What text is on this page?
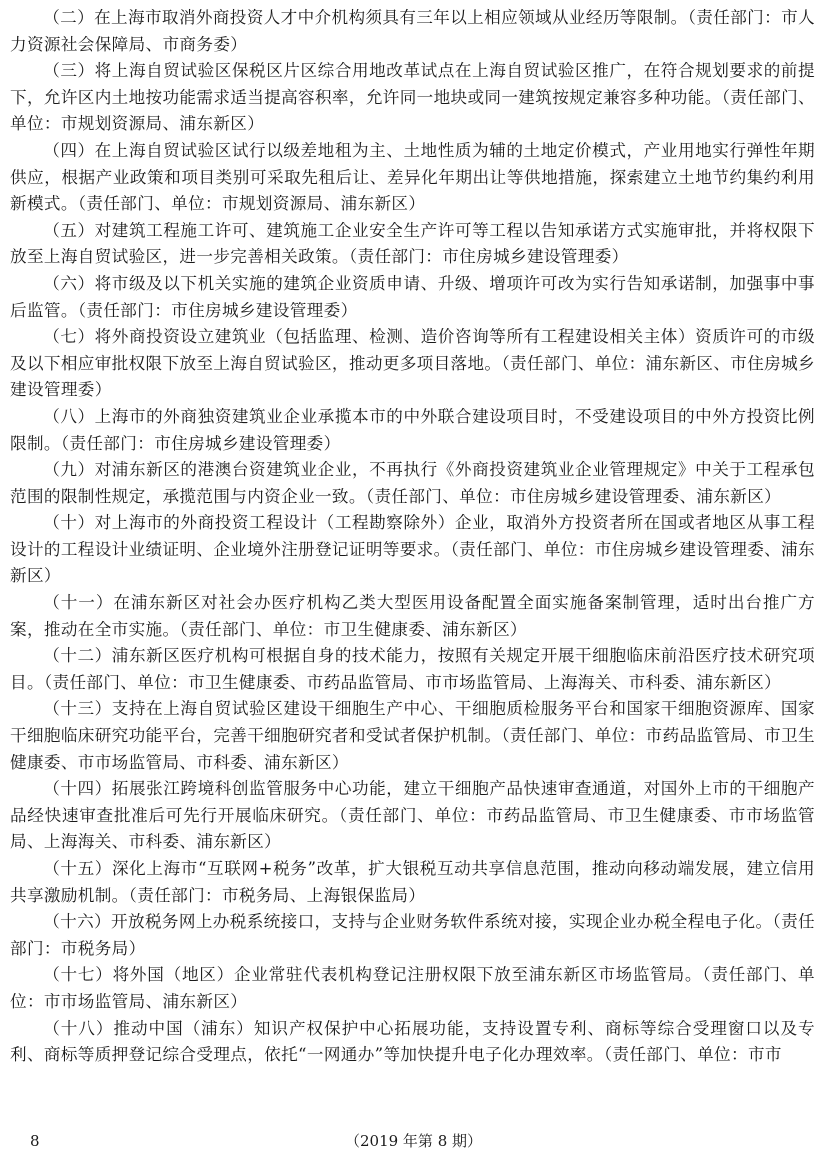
（二）在上海市取消外商投资人才中介机构须具有三年以上相应领域从业经历等限制。（责任部门：市人力资源社会保障局、市商务委）

（三）将上海自贸试验区保税区片区综合用地改革试点在上海自贸试验区推广，在符合规划要求的前提下，允许区内土地按功能需求适当提高容积率，允许同一地块或同一建筑按规定兼容多种功能。（责任部门、单位：市规划资源局、浦东新区）

（四）在上海自贸试验区试行以级差地租为主、土地性质为辅的土地定价模式，产业用地实行弹性年期供应，根据产业政策和项目类别可采取先租后让、差异化年期出让等供地措施，探索建立土地节约集约利用新模式。（责任部门、单位：市规划资源局、浦东新区）

（五）对建筑工程施工许可、建筑施工企业安全生产许可等工程以告知承诺方式实施审批，并将权限下放至上海自贸试验区，进一步完善相关政策。（责任部门：市住房城乡建设管理委）

（六）将市级及以下机关实施的建筑企业资质申请、升级、增项许可改为实行告知承诺制，加强事中事后监管。（责任部门：市住房城乡建设管理委）

（七）将外商投资设立建筑业（包括监理、检测、造价咨询等所有工程建设相关主体）资质许可的市级及以下相应审批权限下放至上海自贸试验区，推动更多项目落地。（责任部门、单位：浦东新区、市住房城乡建设管理委）

（八）上海市的外商独资建筑业企业承揽本市的中外联合建设项目时，不受建设项目的中外方投资比例限制。（责任部门：市住房城乡建设管理委）

（九）对浦东新区的港澳台资建筑业企业，不再执行《外商投资建筑业企业管理规定》中关于工程承包范围的限制性规定，承揽范围与内资企业一致。（责任部门、单位：市住房城乡建设管理委、浦东新区）

（十）对上海市的外商投资工程设计（工程勘察除外）企业，取消外方投资者所在国或者地区从事工程设计的工程设计业绩证明、企业境外注册登记证明等要求。（责任部门、单位：市住房城乡建设管理委、浦东新区）

（十一）在浦东新区对社会办医疗机构乙类大型医用设备配置全面实施备案制管理，适时出台推广方案，推动在全市实施。（责任部门、单位：市卫生健康委、浦东新区）

（十二）浦东新区医疗机构可根据自身的技术能力，按照有关规定开展干细胞临床前沿医疗技术研究项目。（责任部门、单位：市卫生健康委、市药品监管局、市市场监管局、上海海关、市科委、浦东新区）

（十三）支持在上海自贸试验区建设干细胞生产中心、干细胞质检服务平台和国家干细胞资源库、国家干细胞临床研究功能平台，完善干细胞研究者和受试者保护机制。（责任部门、单位：市药品监管局、市卫生健康委、市市场监管局、市科委、浦东新区）

（十四）拓展张江跨境科创监管服务中心功能，建立干细胞产品快速审查通道，对国外上市的干细胞产品经快速审查批准后可先行开展临床研究。（责任部门、单位：市药品监管局、市卫生健康委、市市场监管局、上海海关、市科委、浦东新区）

（十五）深化上海市“互联网+税务”改革，扩大银税互动共享信息范围，推动向移动端发展，建立信用共享激励机制。（责任部门：市税务局、上海银保监局）

（十六）开放税务网上办税系统接口，支持与企业财务软件系统对接，实现企业办税全程电子化。（责任部门：市税务局）

（十七）将外国（地区）企业常驻代表机构登记注册权限下放至浦东新区市场监管局。（责任部门、单位：市市场监管局、浦东新区）

（十八）推动中国（浦东）知识产权保护中心拓展功能，支持设置专利、商标等综合受理窗口以及专利、商标等质押登记综合受理点，依托“一网通办”等加快提升电子化办理效率。（责任部门、单位：市市

8	（2019 年第 8 期）
